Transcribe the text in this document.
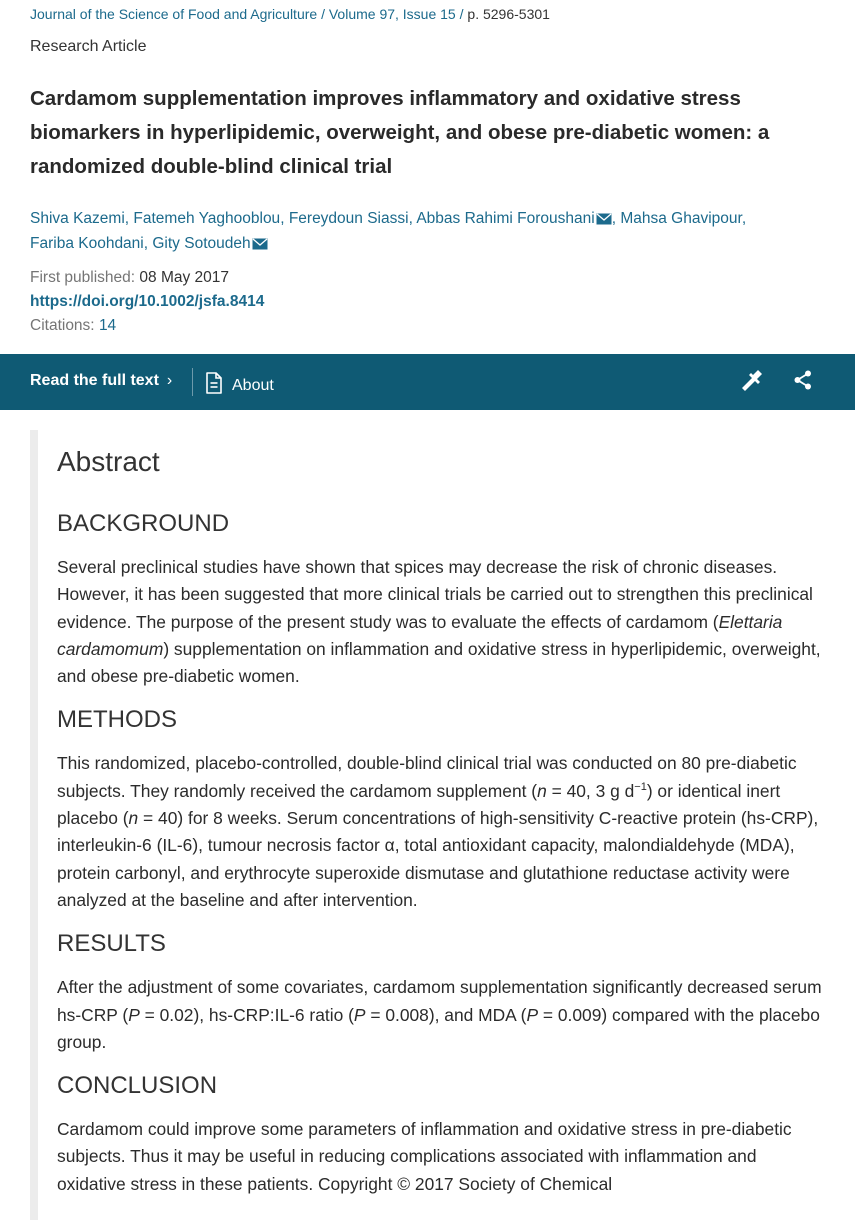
Journal of the Science of Food and Agriculture / Volume 97, Issue 15 / p. 5296-5301
Research Article
Cardamom supplementation improves inflammatory and oxidative stress biomarkers in hyperlipidemic, overweight, and obese pre-diabetic women: a randomized double-blind clinical trial
Shiva Kazemi, Fatemeh Yaghooblou, Fereydoun Siassi, Abbas Rahimi Foroushani , Mahsa Ghavipour, Fariba Koohdani, Gity Sotoudeh
First published: 08 May 2017
https://doi.org/10.1002/jsfa.8414
Citations: 14
Read the full text ›	About
Abstract
BACKGROUND

Several preclinical studies have shown that spices may decrease the risk of chronic diseases. However, it has been suggested that more clinical trials be carried out to strengthen this preclinical evidence. The purpose of the present study was to evaluate the effects of cardamom (Elettaria cardamomum) supplementation on inflammation and oxidative stress in hyperlipidemic, overweight, and obese pre-diabetic women.

METHODS

This randomized, placebo-controlled, double-blind clinical trial was conducted on 80 pre-diabetic subjects. They randomly received the cardamom supplement (n = 40, 3 g $d^{-1}$) or identical inert placebo (n = 40) for 8 weeks. Serum concentrations of high-sensitivity C-reactive protein (hs-CRP), interleukin-6 (IL-6), tumour necrosis factor α, total antioxidant capacity, malondialdehyde (MDA), protein carbonyl, and erythrocyte superoxide dismutase and glutathione reductase activity were analyzed at the baseline and after intervention.

RESULTS

After the adjustment of some covariates, cardamom supplementation significantly decreased serum hs-CRP (P = 0.02), hs-CRP:IL-6 ratio (P = 0.008), and MDA (P = 0.009) compared with the placebo group.

CONCLUSION

Cardamom could improve some parameters of inflammation and oxidative stress in pre-diabetic subjects. Thus it may be useful in reducing complications associated with inflammation and oxidative stress in these patients. Copyright © 2017 Society of Chemical
